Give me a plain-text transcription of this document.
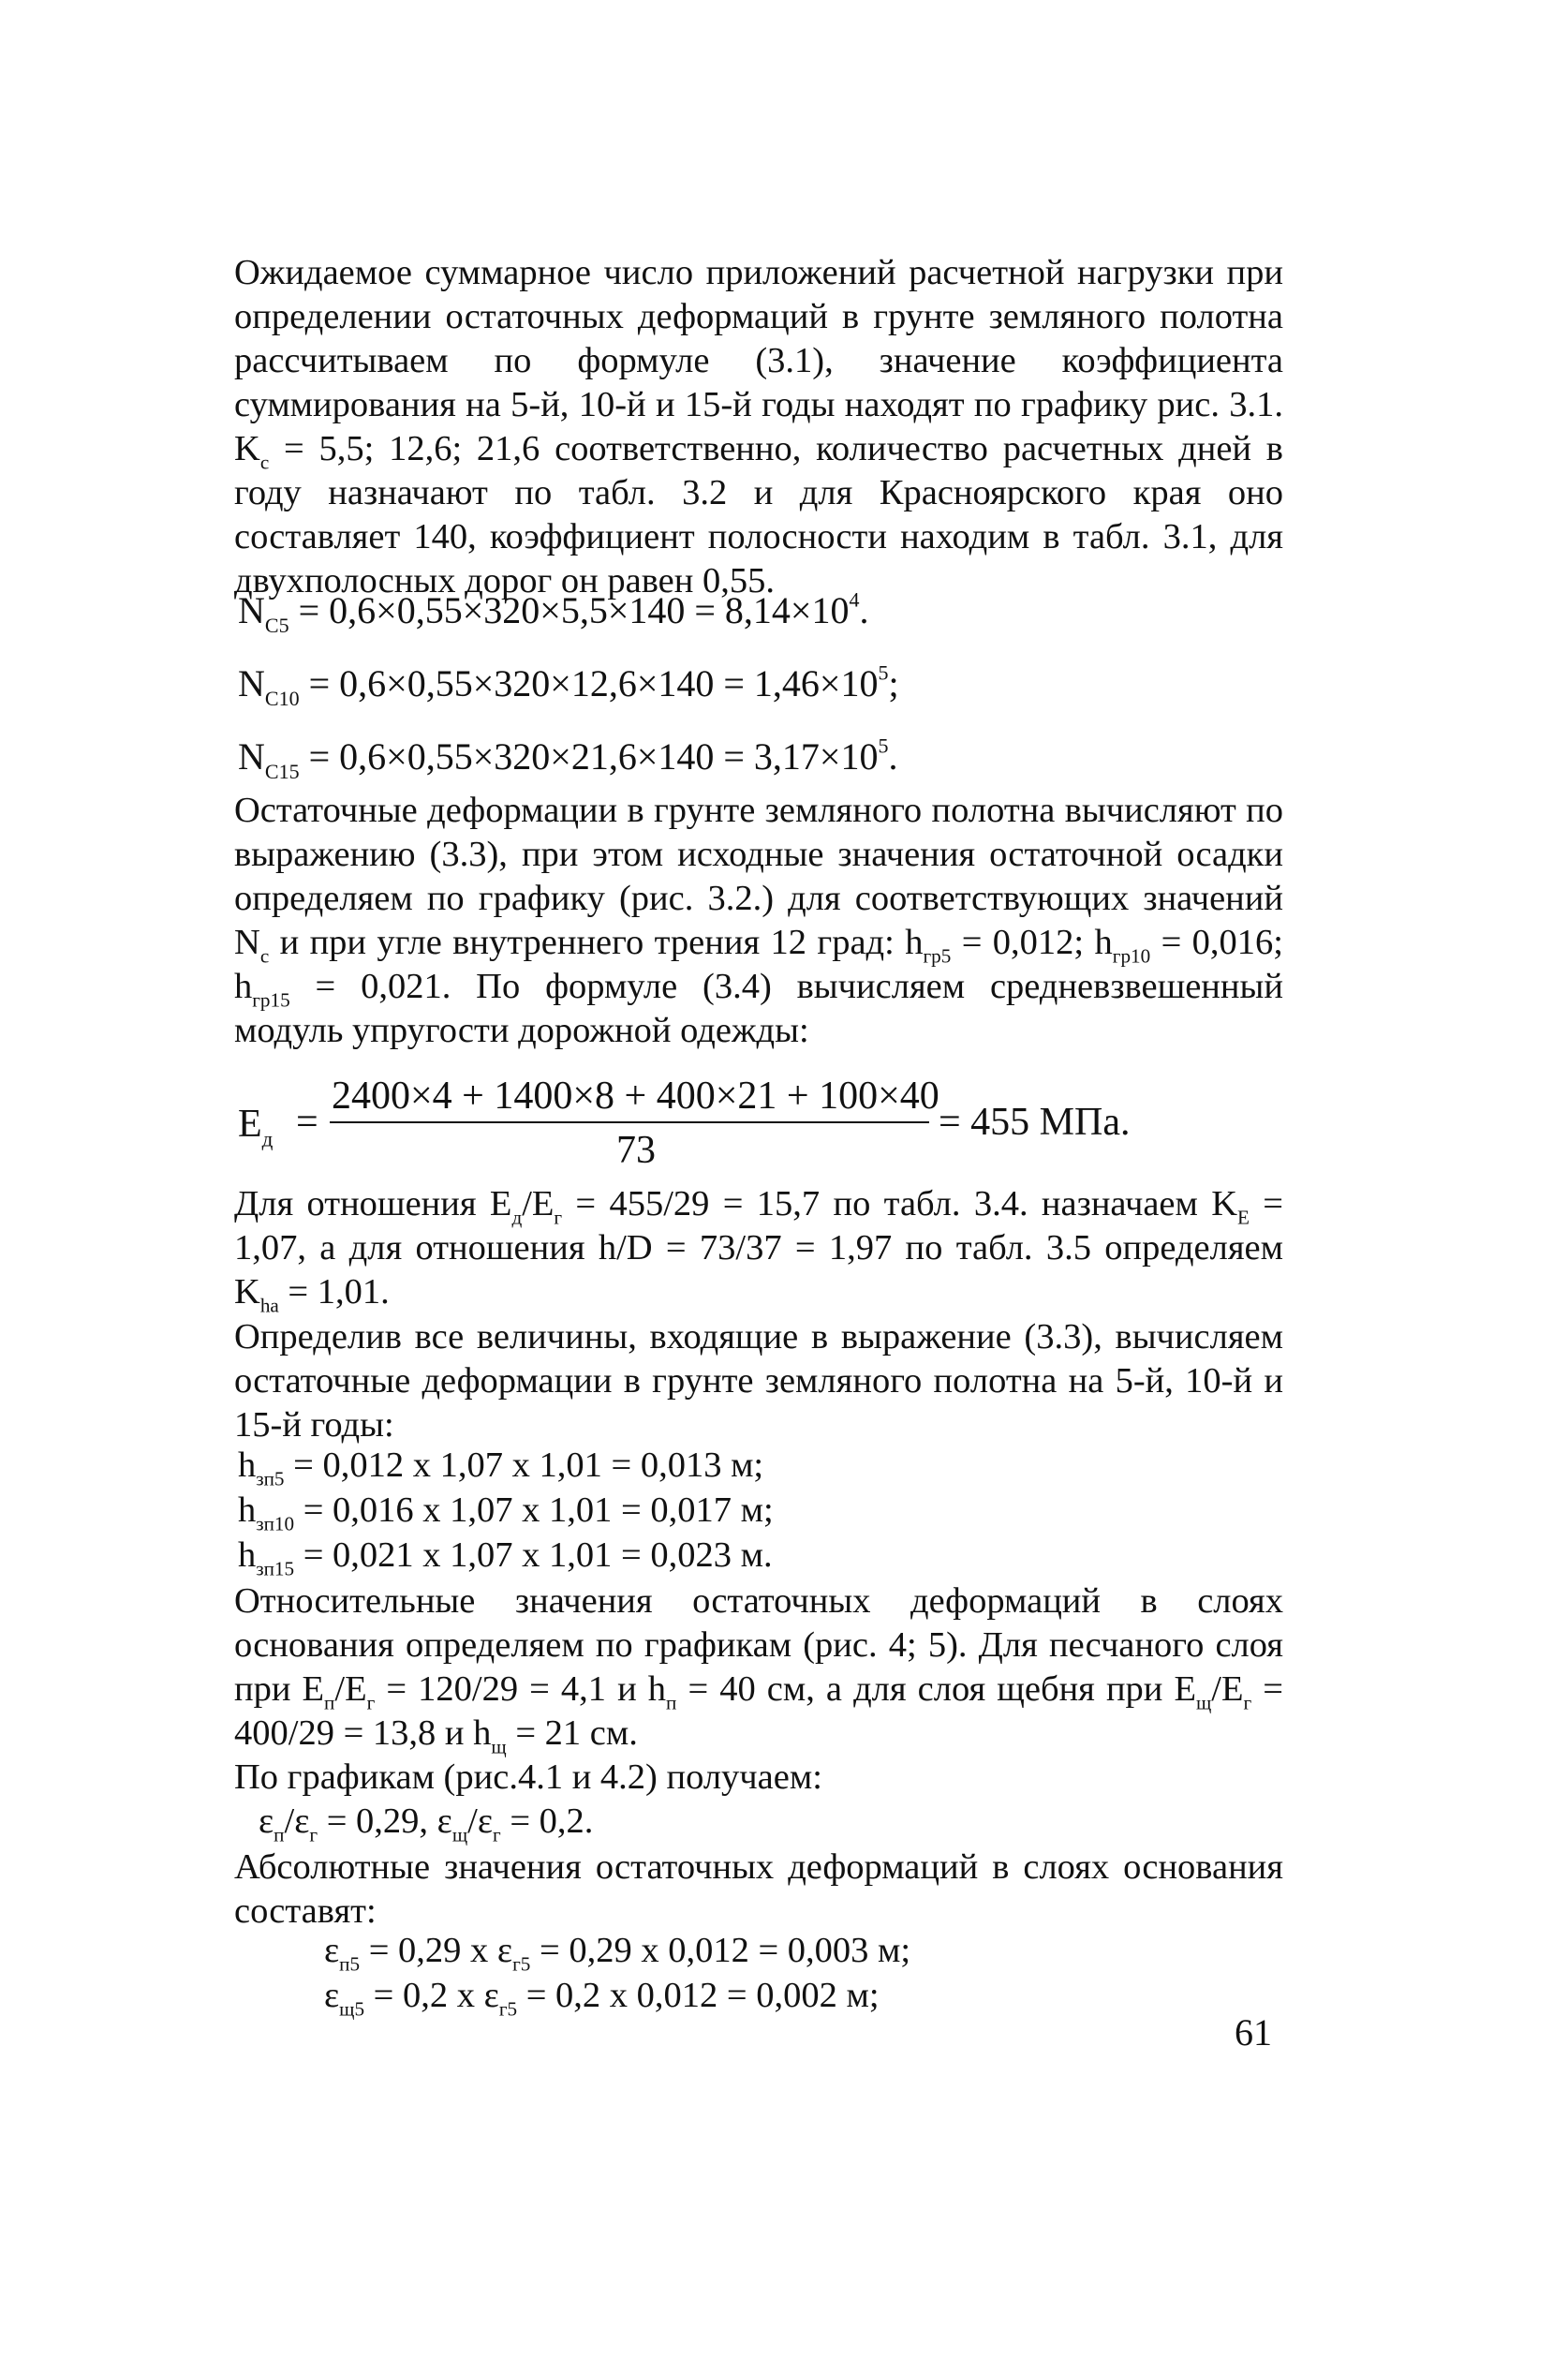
Ожидаемое суммарное число приложений расчетной нагрузки при определении остаточных деформаций в грунте земляного полотна рассчитываем по формуле (3.1), значение коэффициента суммирования на 5-й, 10-й и 15-й годы находят по графику рис. 3.1. $K_c = 5,5$; 12,6; 21,6 соответственно, количество расчетных дней в году назначают по табл. 3.2 и для Красноярского края оно составляет 140, коэффициент полосности находим в табл. 3.1, для двухполосных дорог он равен 0,55.

$N_{C5} = 0,6\times 0,55\times 320\times 5,5\times 140 = 8,14\times 10^4$.
$N_{C10} = 0,6\times 0,55\times 320\times 12,6\times 140 = 1,46\times 10^5$;
$N_{C15} = 0,6\times 0,55\times 320\times 21,6\times 140 = 3,17\times 10^5$.

Остаточные деформации в грунте земляного полотна вычисляют по выражению (3.3), при этом исходные значения остаточной осадки определяем по графику (рис. 3.2.) для соответствующих значений $N_c$ и при угле внутреннего трения 12 град: $h_{гр5} = 0,012$; $h_{гр10} = 0,016$; $h_{гр15} = 0,021$. По формуле (3.4) вычисляем средневзвешенный модуль упругости дорожной одежды:

$E_д$ =
2400×4 + 1400×8 + 400×21 + 100×40
73
= 455 МПа.

Для отношения $E_д/E_г = 455/29 = 15,7$ по табл. 3.4. назначаем $K_E = 1,07$, а для отношения h/D = 73/37 = 1,97 по табл. 3.5 определяем $K_{hа} = 1,01$.

Определив все величины, входящие в выражение (3.3), вычисляем остаточные деформации в грунте земляного полотна на 5-й, 10-й и 15-й годы:

$h_{зп5} = 0,012$ x 1,07 x 1,01 = 0,013 м;
$h_{зп10} = 0,016$ x 1,07 x 1,01 = 0,017 м;
$h_{зп15} = 0,021$ x 1,07 x 1,01 = 0,023 м.

Относительные значения остаточных деформаций в слоях основания определяем по графикам (рис. 4; 5). Для песчаного слоя при $E_п/E_г = 120/29 = 4,1$ и $h_п = 40$ см, а для слоя щебня при $E_щ/E_г = 400/29 = 13,8$ и $h_щ = 21$ см.

По графикам (рис.4.1 и 4.2) получаем:

$\varepsilon_п/\varepsilon_г = 0,29$, $\varepsilon_щ/\varepsilon_г = 0,2$.

Абсолютные значения остаточных деформаций в слоях основания составят:

$\varepsilon_{п5} = 0,29$ x $\varepsilon_{г5} = 0,29$ x 0,012 = 0,003 м;
$\varepsilon_{щ5} = 0,2$ x $\varepsilon_{г5} = 0,2$ x 0,012 = 0,002 м;
61
